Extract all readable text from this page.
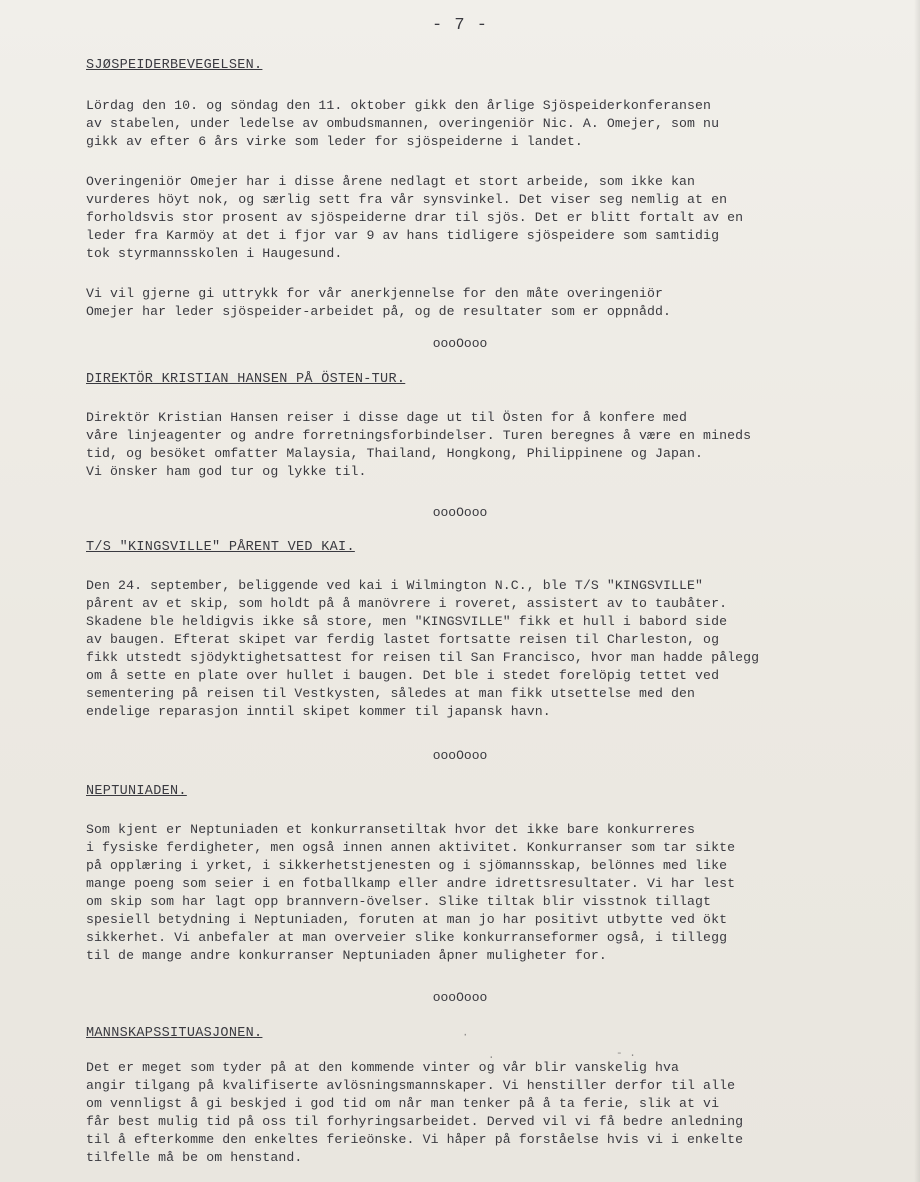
- 7 -
SJØSPEIDERBEVEGELSEN.

Lördag den 10. og söndag den 11. oktober gikk den årlige Sjöspeiderkonferansen
av stabelen, under ledelse av ombudsmannen, overingeniör Nic. A. Omejer, som nu
gikk av efter 6 års virke som leder for sjöspeiderne i landet.

Overingeniör Omejer har i disse årene nedlagt et stort arbeide, som ikke kan
vurderes höyt nok, og særlig sett fra vår synsvinkel. Det viser seg nemlig at en
forholdsvis stor prosent av sjöspeiderne drar til sjös. Det er blitt fortalt av en
leder fra Karmöy at det i fjor var 9 av hans tidligere sjöspeidere som samtidig
tok styrmannsskolen i Haugesund.

Vi vil gjerne gi uttrykk for vår anerkjennelse for den måte overingeniör
Omejer har leder sjöspeider-arbeidet på, og de resultater som er oppnådd.

oooOooo
DIREKTÖR KRISTIAN HANSEN PÅ ÖSTEN-TUR.

Direktör Kristian Hansen reiser i disse dage ut til Östen for å konfere med
våre linjeagenter og andre forretningsforbindelser. Turen beregnes å være en mineds
tid, og besöket omfatter Malaysia, Thailand, Hongkong, Philippinene og Japan.
Vi önsker ham god tur og lykke til.

oooOooo
T/S "KINGSVILLE" PÅRENT VED KAI.

Den 24. september, beliggende ved kai i Wilmington N.C., ble T/S "KINGSVILLE"
pårent av et skip, som holdt på å manövrere i roveret, assistert av to taubåter.
Skadene ble heldigvis ikke så store, men "KINGSVILLE" fikk et hull i babord side
av baugen. Efterat skipet var ferdig lastet fortsatte reisen til Charleston, og
fikk utstedt sjödyktighetsattest for reisen til San Francisco, hvor man hadde pålegg
om å sette en plate over hullet i baugen. Det ble i stedet forelöpig tettet ved
sementering på reisen til Vestkysten, således at man fikk utsettelse med den
endelige reparasjon inntil skipet kommer til japansk havn.

oooOooo
NEPTUNIADEN.

Som kjent er Neptuniaden et konkurransetiltak hvor det ikke bare konkurreres
i fysiske ferdigheter, men også innen annen aktivitet. Konkurranser som tar sikte
på opplæring i yrket, i sikkerhetstjenesten og i sjömannsskap, belönnes med like
mange poeng som seier i en fotballkamp eller andre idrettsresultater. Vi har lest
om skip som har lagt opp brannvern-övelser. Slike tiltak blir visstnok tillagt
spesiell betydning i Neptuniaden, foruten at man jo har positivt utbytte ved ökt
sikkerhet. Vi anbefaler at man overveier slike konkurranseformer også, i tillegg
til de mange andre konkurranser Neptuniaden åpner muligheter for.

oooOooo
MANNSKAPSSITUASJONEN.

Det er meget som tyder på at den kommende vinter og vår blir vanskelig hva
angir tilgang på kvalifiserte avlösningsmannskaper. Vi henstiller derfor til alle
om vennligst å gi beskjed i god tid om når man tenker på å ta ferie, slik at vi
får best mulig tid på oss til forhyringsarbeidet. Derved vil vi få bedre anledning
til å efterkomme den enkeltes ferieönske. Vi håper på forståelse hvis vi i enkelte
tilfelle må be om henstand.

·
.	- .
